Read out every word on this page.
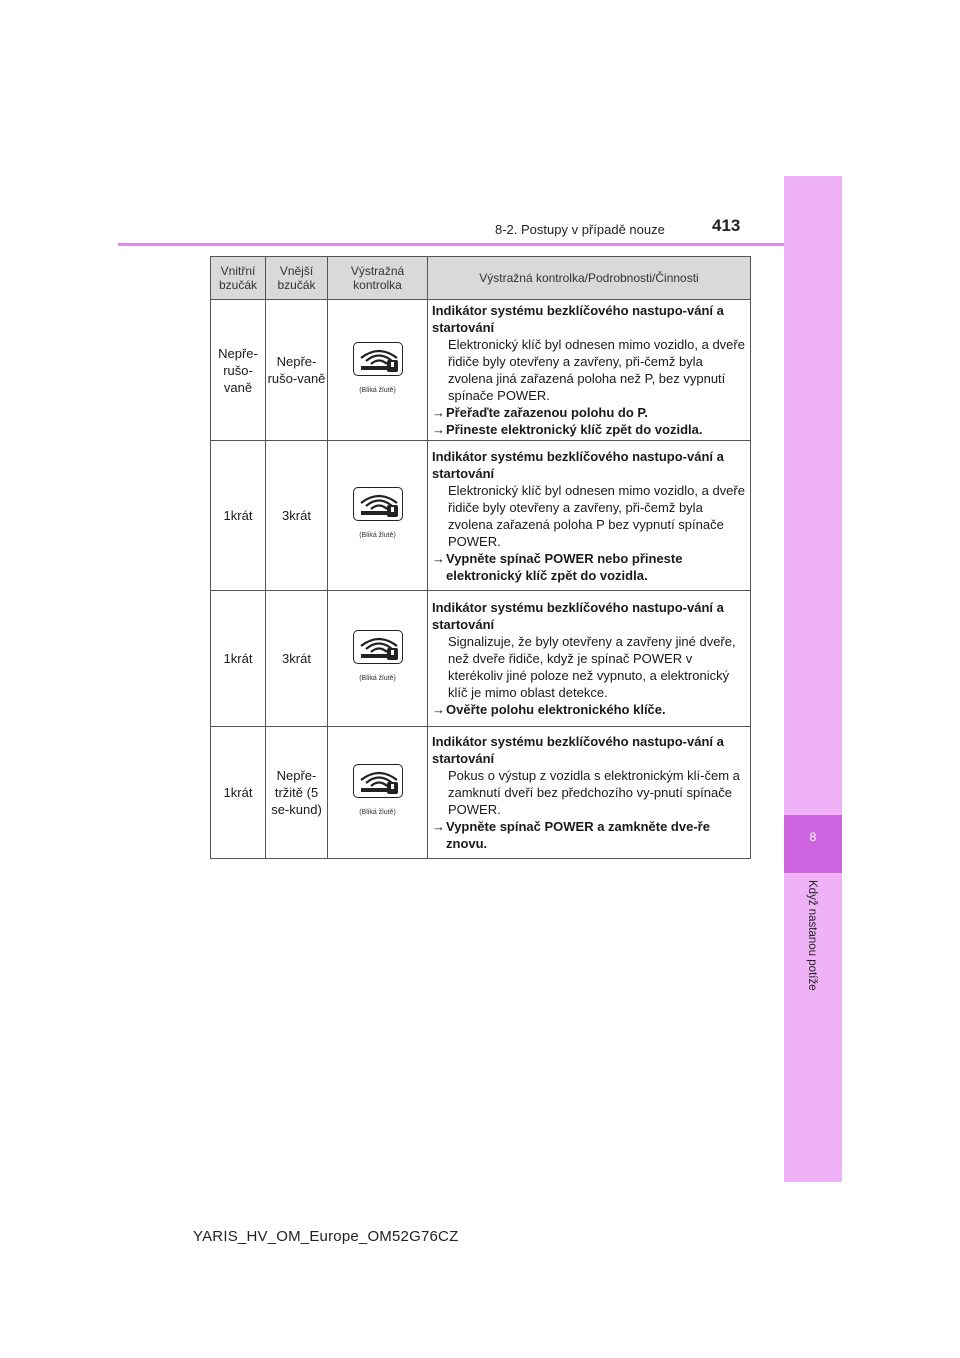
8-2. Postupy v případě nouze	413
8
Když nastanou potíže
Vnitřní bzučák	Vnější bzučák	Výstražná kontrolka	Výstražná kontrolka/Podrobnosti/Činnosti
Nepře-rušo-vaně	Nepře-rušo-vaně	(Bliká žlutě)	Indikátor systému bezklíčového nastupo-vání a startování
Elektronický klíč byl odnesen mimo vozidlo, a dveře řidiče byly otevřeny a zavřeny, při-čemž byla zvolena jiná zařazená poloha než P, bez vypnutí spínače POWER.
→Přeřaďte zařazenou polohu do P.
→Přineste elektronický klíč zpět do vozidla.

1krát	3krát	(Bliká žlutě)	Indikátor systému bezklíčového nastupo-vání a startování
Elektronický klíč byl odnesen mimo vozidlo, a dveře řidiče byly otevřeny a zavřeny, při-čemž byla zvolena zařazená poloha P bez vypnutí spínače POWER.
→Vypněte spínač POWER nebo přineste elektronický klíč zpět do vozidla.

1krát	3krát	(Bliká žlutě)	Indikátor systému bezklíčového nastupo-vání a startování
Signalizuje, že byly otevřeny a zavřeny jiné dveře, než dveře řidiče, když je spínač POWER v kterékoliv jiné poloze než vypnuto, a elektronický klíč je mimo oblast detekce.
→Ověřte polohu elektronického klíče.

1krát	Nepře-tržitě (5 se-kund)	(Bliká žlutě)	Indikátor systému bezklíčového nastupo-vání a startování
Pokus o výstup z vozidla s elektronickým klí-čem a zamknutí dveří bez předchozího vy-pnutí spínače POWER.
→Vypněte spínač POWER a zamkněte dve-ře znovu.
YARIS_HV_OM_Europe_OM52G76CZ
